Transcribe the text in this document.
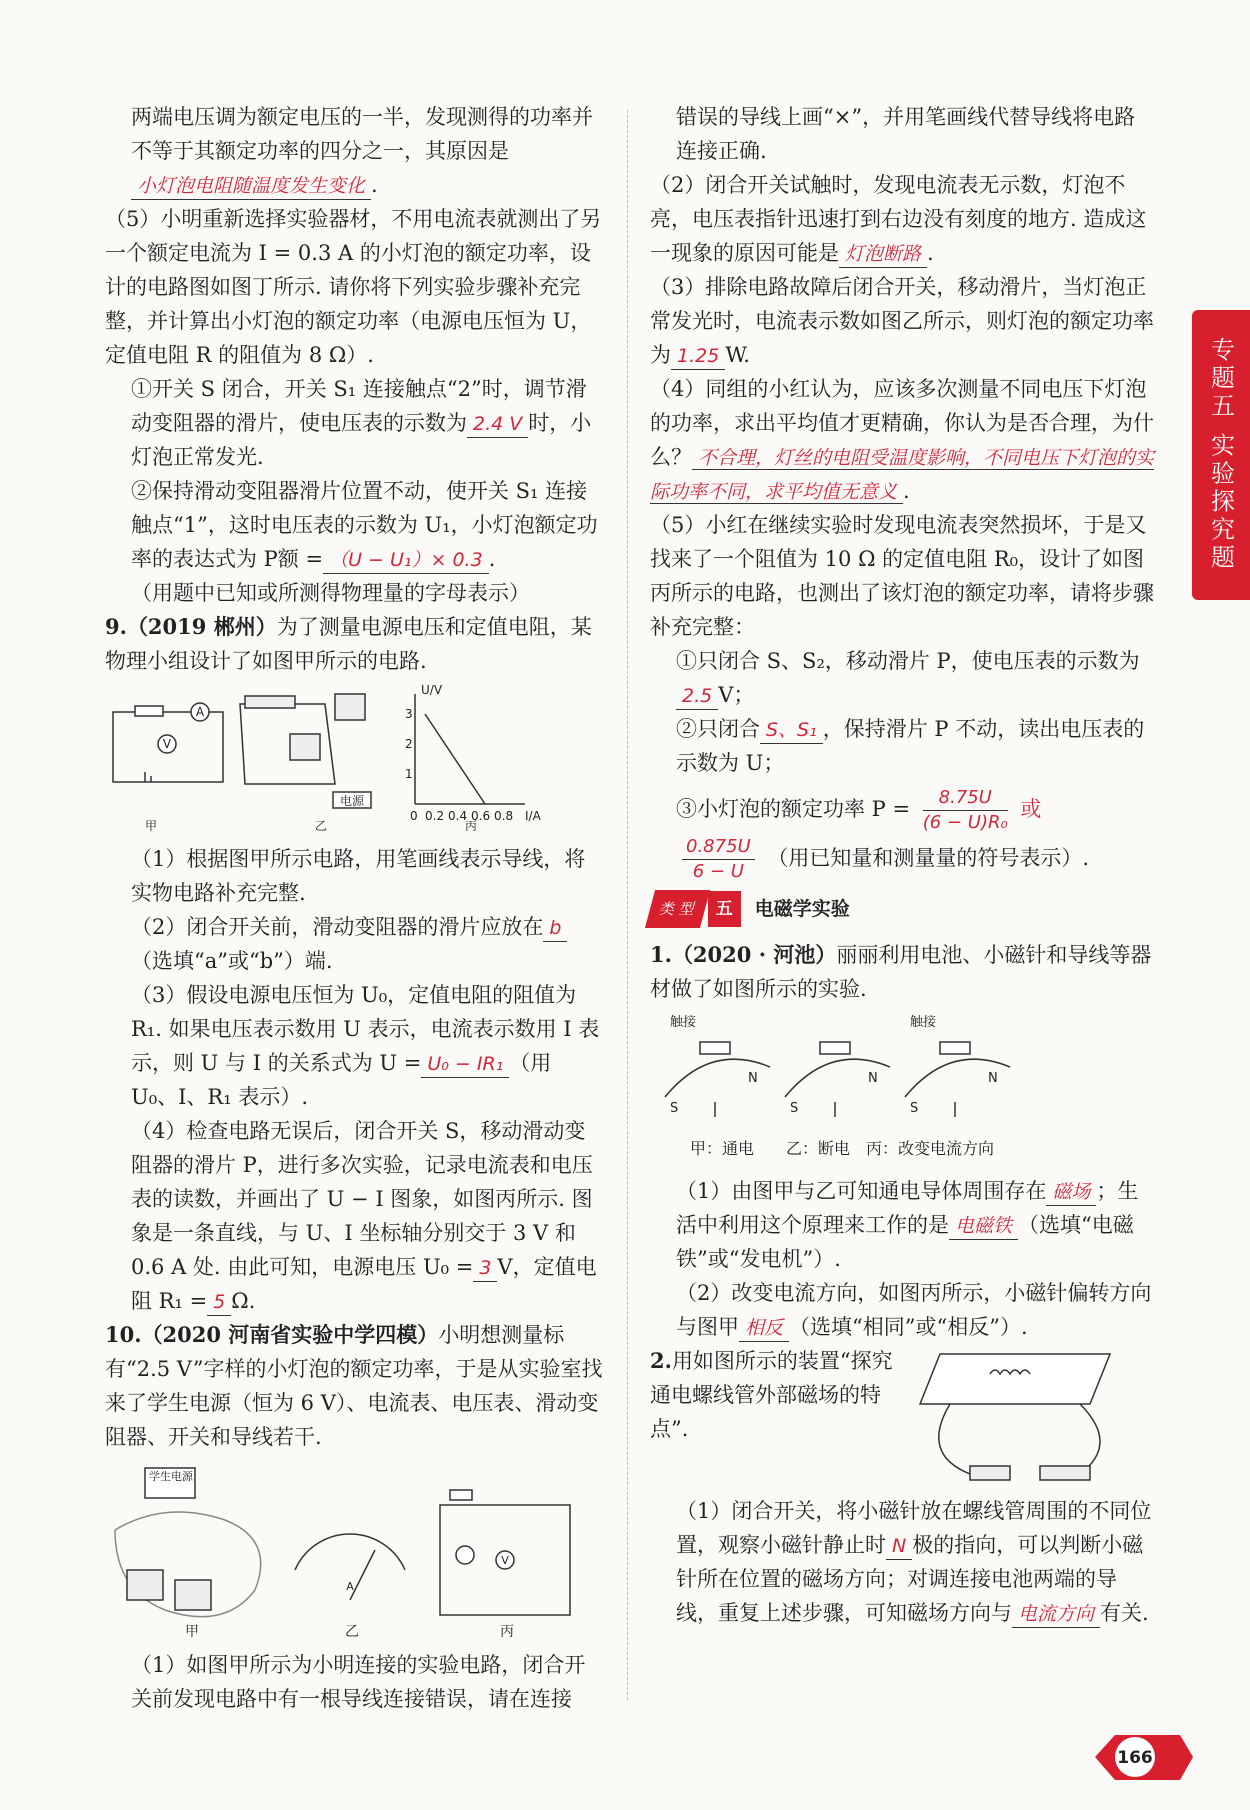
专题五 实验探究题

两端电压调为额定电压的一半，发现测得的功率并不等于其额定功率的四分之一，其原因是

小灯泡电阻随温度发生变化 .

（5）小明重新选择实验器材，不用电流表就测出了另一个额定电流为 I = 0.3 A 的小灯泡的额定功率，设计的电路图如图丁所示. 请你将下列实验步骤补充完整，并计算出小灯泡的额定功率（电源电压恒为 U，定值电阻 R 的阻值为 8 Ω）.

①开关 S 闭合，开关 S₁ 连接触点“2”时，调节滑动变阻器的滑片，使电压表的示数为 2.4 V 时，小灯泡正常发光.

②保持滑动变阻器滑片位置不动，使开关 S₁ 连接触点“1”，这时电压表的示数为 U₁，小灯泡额定功率的表达式为 P额 = （U − U₁）× 0.3 .

（用题中已知或所测得物理量的字母表示）

9.（2019 郴州）为了测量电源电压和定值电阻，某物理小组设计了如图甲所示的电路.

V
A
电源
U/V
I/A
1
2
3
0 0.2 0.4 0.6 0.8
甲	乙	丙

（1）根据图甲所示电路，用笔画线表示导线，将实物电路补充完整.

（2）闭合开关前，滑动变阻器的滑片应放在 b（选填“a”或“b”）端.

（3）假设电源电压恒为 U₀，定值电阻的阻值为 R₁. 如果电压表示数用 U 表示，电流表示数用 I 表示，则 U 与 I 的关系式为 U = U₀ − IR₁ （用 U₀、I、R₁ 表示）.

（4）检查电路无误后，闭合开关 S，移动滑动变阻器的滑片 P，进行多次实验，记录电流表和电压表的读数，并画出了 U − I 图象，如图丙所示. 图象是一条直线，与 U、I 坐标轴分别交于 3 V 和 0.6 A 处. 由此可知，电源电压 U₀ = 3 V，定值电阻 R₁ = 5 Ω.

10.（2020 河南省实验中学四模）小明想测量标有“2.5 V”字样的小灯泡的额定功率，于是从实验室找来了学生电源（恒为 6 V）、电流表、电压表、滑动变阻器、开关和导线若干.

学生电源
V
A
甲	乙	丙

（1）如图甲所示为小明连接的实验电路，闭合开关前发现电路中有一根导线连接错误，请在连接

错误的导线上画“×”，并用笔画线代替导线将电路连接正确.

（2）闭合开关试触时，发现电流表无示数，灯泡不亮，电压表指针迅速打到右边没有刻度的地方. 造成这一现象的原因可能是 灯泡断路 .

（3）排除电路故障后闭合开关，移动滑片，当灯泡正常发光时，电流表示数如图乙所示，则灯泡的额定功率为 1.25 W.

（4）同组的小红认为，应该多次测量不同电压下灯泡的功率，求出平均值才更精确，你认为是否合理，为什么？ 不合理，灯丝的电阻受温度影响，不同电压下灯泡的实际功率不同，求平均值无意义 .

（5）小红在继续实验时发现电流表突然损坏，于是又找来了一个阻值为 10 Ω 的定值电阻 R₀，设计了如图丙所示的电路，也测出了该灯泡的额定功率，请将步骤补充完整：

①只闭合 S、S₂，移动滑片 P，使电压表的示数为2.5 V；

②只闭合 S、S₁ ，保持滑片 P 不动，读出电压表的示数为 U；

③小灯泡的额定功率 $P = \frac{8.75U}{\text{(6 − U)R₀}}$ 或

$\frac{0.875U}{6 - U}$ （用已知量和测量量的符号表示）.

类 型	五	电磁学实验

1.（2020 · 河池）丽丽利用电池、小磁针和导线等器材做了如图所示的实验.

触接	触接
N	N	N
S	S	S
甲：通电　　乙：断电　丙：改变电流方向

（1）由图甲与乙可知通电导体周围存在 磁场 ；生活中利用这个原理来工作的是 电磁铁 （选填“电磁铁”或“发电机”）.

（2）改变电流方向，如图丙所示，小磁针偏转方向与图甲 相反 （选填“相同”或“相反”）.

2.用如图所示的装置“探究通电螺线管外部磁场的特点”.

（1）闭合开关，将小磁针放在螺线管周围的不同位置，观察小磁针静止时 N 极的指向，可以判断小磁针所在位置的磁场方向；对调连接电池两端的导线，重复上述步骤，可知磁场方向与 电流方向 有关.

166
